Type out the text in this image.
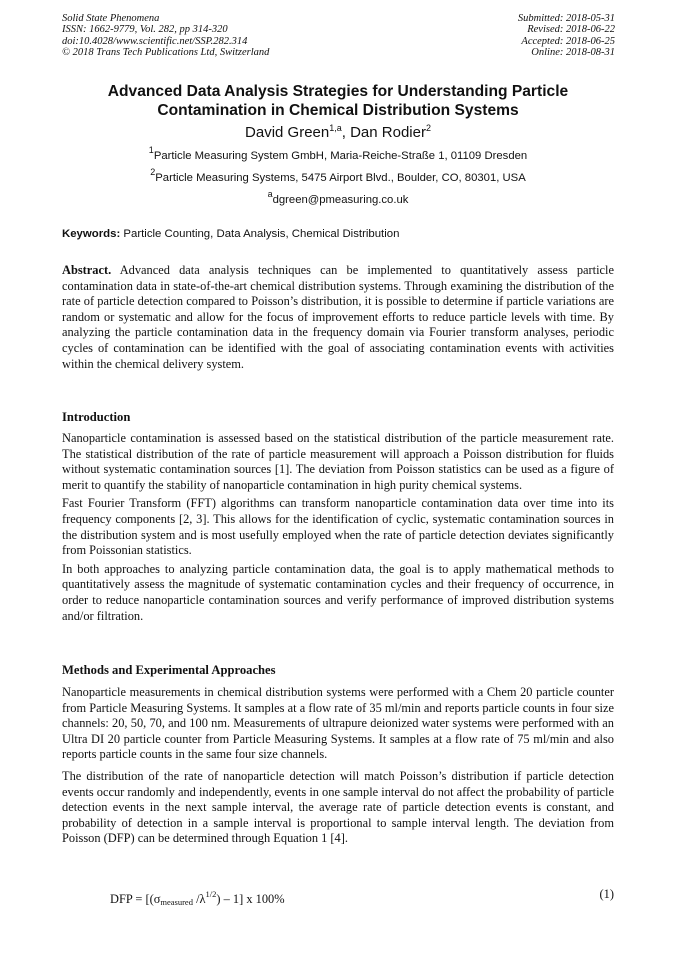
Solid State Phenomena
ISSN: 1662-9779, Vol. 282, pp 314-320
doi:10.4028/www.scientific.net/SSP.282.314
© 2018 Trans Tech Publications Ltd, Switzerland
Submitted: 2018-05-31
Revised: 2018-06-22
Accepted: 2018-06-25
Online: 2018-08-31
Advanced Data Analysis Strategies for Understanding Particle
Contamination in Chemical Distribution Systems
David Green$^{1,a}$, Dan Rodier$^2$
$^1$Particle Measuring System GmbH, Maria-Reiche-Straße 1, 01109 Dresden
$^2$Particle Measuring Systems, 5475 Airport Blvd., Boulder, CO, 80301, USA
$^a$dgreen@pmeasuring.co.uk
Keywords: Particle Counting, Data Analysis, Chemical Distribution

Abstract. Advanced data analysis techniques can be implemented to quantitatively assess particle contamination data in state-of-the-art chemical distribution systems. Through examining the distribution of the rate of particle detection compared to Poisson’s distribution, it is possible to determine if particle variations are random or systematic and allow for the focus of improvement efforts to reduce particle levels with time. By analyzing the particle contamination data in the frequency domain via Fourier transform analyses, periodic cycles of contamination can be identified with the goal of associating contamination events with activities within the chemical delivery system.

Introduction

Nanoparticle contamination is assessed based on the statistical distribution of the particle measurement rate. The statistical distribution of the rate of particle measurement will approach a Poisson distribution for fluids without systematic contamination sources [1]. The deviation from Poisson statistics can be used as a figure of merit to quantify the stability of nanoparticle contamination in high purity chemical systems.

Fast Fourier Transform (FFT) algorithms can transform nanoparticle contamination data over time into its frequency components [2, 3]. This allows for the identification of cyclic, systematic contamination sources in the distribution system and is most usefully employed when the rate of particle detection deviates significantly from Poissonian statistics.

In both approaches to analyzing particle contamination data, the goal is to apply mathematical methods to quantitatively assess the magnitude of systematic contamination cycles and their frequency of occurrence, in order to reduce nanoparticle contamination sources and verify performance of improved distribution systems and/or filtration.

Methods and Experimental Approaches

Nanoparticle measurements in chemical distribution systems were performed with a Chem 20 particle counter from Particle Measuring Systems. It samples at a flow rate of 35 ml/min and reports particle counts in four size channels: 20, 50, 70, and 100 nm. Measurements of ultrapure deionized water systems were performed with an Ultra DI 20 particle counter from Particle Measuring Systems. It samples at a flow rate of 75 ml/min and also reports particle counts in the same four size channels.

The distribution of the rate of nanoparticle detection will match Poisson’s distribution if particle detection events occur randomly and independently, events in one sample interval do not affect the probability of particle detection events in the next sample interval, the average rate of particle detection events is constant, and probability of detection in a sample interval is proportional to sample interval length. The deviation from Poisson (DFP) can be determined through Equation 1 [4].

DFP = [($\sigma_{measured}$ $/\lambda^{1/2}) - 1$] x 100%	(1)
